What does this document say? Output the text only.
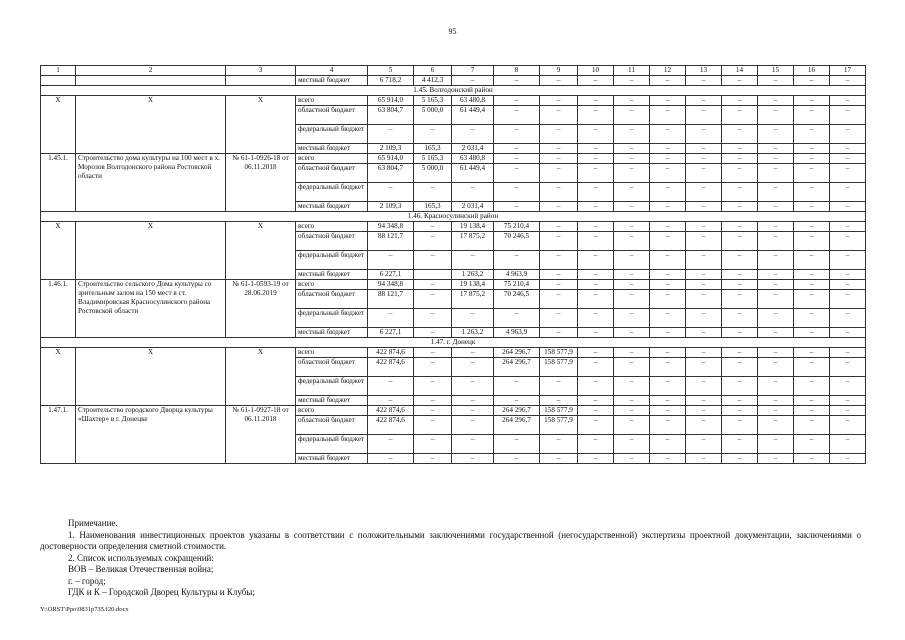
95
1	2	3	4	5	6	7	8	9	10	11	12	13	14	15	16	17
			местный бюджет	6 718,2	4 412,3	–	–	–	–	–	–	–	–	–	–	–
1.45. Волгодонский район																
Х	Х	Х	всего	65 914,0	5 165,3	63 480,8	–	–	–	–	–	–	–	–	–	–
			областной бюджет	63 804,7	5 000,0	61 449,4	–	–	–	–	–	–	–	–	–	–
			федеральный бюджет	–	–	–	–	–	–	–	–	–	–	–	–	–
			местный бюджет	2 109,3	165,3	2 031,4	–	–	–	–	–	–	–	–	–	–
1.45.1.	Строительство дома культуры на 100 мест в х. Морозов Волгодонского района Ростовской области	№ 61-1-0926-18 от 06.11.2018	всего	65 914,0	5 165,3	63 480,8	–	–	–	–	–	–	–	–	–	–
			областной бюджет	63 804,7	5 000,0	61 449,4	–	–	–	–	–	–	–	–	–	–
			федеральный бюджет	–	–	–	–	–	–	–	–	–	–	–	–	–
			местный бюджет	2 109,3	165,3	2 031,4	–	–	–	–	–	–	–	–	–	–
1.46. Красносулинский район																
Х	Х	Х	всего	94 348,8	–	19 138,4	75 210,4	–	–	–	–	–	–	–	–	–
			областной бюджет	88 121,7	–	17 875,2	70 246,5	–	–	–	–	–	–	–	–	–
			федеральный бюджет	–	–	–	–	–	–	–	–	–	–	–	–	–
			местный бюджет	6 227,1		1 263,2	4 963,9	–	–	–	–	–	–	–	–	–
1.46.1.	Строительство сельского Дома культуры со зрительным залом на 150 мест в ст. Владимировская Красносулинского района Ростовской области	№ 61-1-0593-19 от 28.06.2019	всего	94 348,8	–	19 138,4	75 210,4	–	–	–	–	–	–	–	–	–
			областной бюджет	88 121,7	–	17 875,2	70 246,5	–	–	–	–	–	–	–	–	–
			федеральный бюджет	–	–	–	–	–	–	–	–	–	–	–	–	–
			местный бюджет	6 227,1	–	1 263,2	4 963,9	–	–	–	–	–	–	–	–	–
1.47. г. Донецк																
Х	Х	Х	всего	422 874,6	–	–	264 296,7	158 577,9	–	–	–	–	–	–	–	–
			областной бюджет	422 874,6	–	–	264 296,7	158 577,9	–	–	–	–	–	–	–	–
			федеральный бюджет	–	–	–	–	–	–	–	–	–	–	–	–	–
			местный бюджет	–	–	–	–	–	–	–	–	–	–	–	–	–
1.47.1.	Строительство городского Дворца культуры «Шахтер» в г. Донецке	№ 61-1-0927-18 от 06.11.2018	всего	422 874,6	–	–	264 296,7	158 577,9	–	–	–	–	–	–	–	–
			областной бюджет	422 874,6	–	–	264 296,7	158 577,9	–	–	–	–	–	–	–	–
			федеральный бюджет	–	–	–	–	–	–	–	–	–	–	–	–	–
			местный бюджет	–	–	–	–	–	–	–	–	–	–	–	–	–

Примечание.

1. Наименования инвестиционных проектов указаны в соответствии с положительными заключениями государственной (негосударственной) экспертизы проектной документации, заключениями о достоверности определения сметной стоимости.

2. Список используемых сокращений:

ВОВ – Великая Отечественная война;

г. – город;

ГДК и К – Городской Дворец Культуры и Клубы;

Y:\ORST\Ppo\0831p735.f20.docx
